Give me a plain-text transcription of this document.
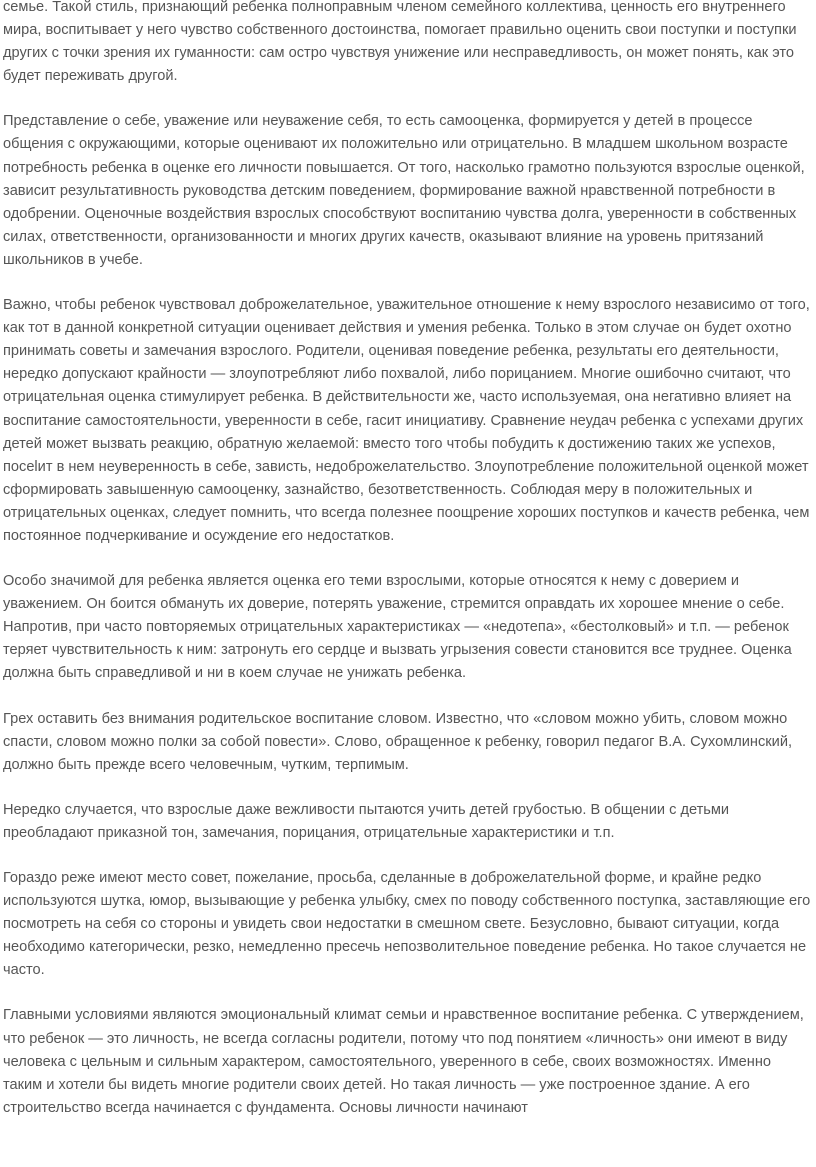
семье. Такой стиль, признающий ребенка полноправным членом семейного коллектива, ценность его внутреннего мира, воспитывает у него чувство собственного достоинства, помогает правильно оценить свои поступки и поступки других с точки зрения их гуманности: сам остро чувствуя унижение или несправедливость, он может понять, как это будет переживать другой.

Представление о себе, уважение или неуважение себя, то есть самооценка, формируется у детей в процессе общения с окружающими, которые оценивают их положительно или отрицательно. В младшем школьном возрасте потребность ребенка в оценке его личности повышается. От того, насколько грамотно пользуются взрослые оценкой, зависит результативность руководства детским поведением, формирование важной нравственной потребности в одобрении. Оценочные воздействия взрослых способствуют воспитанию чувства долга, уверенности в собственных силах, ответственности, организованности и многих других качеств, оказывают влияние на уровень притязаний школьников в учебе.

Важно, чтобы ребенок чувствовал доброжелательное, уважительное отношение к нему взрослого независимо от того, как тот в данной конкретной ситуации оценивает действия и умения ребенка. Только в этом случае он будет охотно принимать советы и замечания взрослого. Родители, оценивая поведение ребенка, результаты его деятельности, нередко допускают крайности — злоупотребляют либо похвалой, либо порицанием. Многие ошибочно считают, что отрицательная оценка стимулирует ребенка. В действительности же, часто используемая, она негативно влияет на воспитание самостоятельности, уверенности в себе, гасит инициативу. Сравнение неудач ребенка с успехами других детей может вызвать реакцию, обратную желаемой: вместо того чтобы побудить к достижению таких же успехов, посеlит в нем неуверенность в себе, зависть, недоброжелательство. Злоупотребление положительной оценкой может сформировать завышенную самооценку, зазнайство, безответственность. Соблюдая меру в положительных и отрицательных оценках, следует помнить, что всегда полезнее поощрение хороших поступков и качеств ребенка, чем постоянное подчеркивание и осуждение его недостатков.

Особо значимой для ребенка является оценка его теми взрослыми, которые относятся к нему с доверием и уважением. Он боится обмануть их доверие, потерять уважение, стремится оправдать их хорошее мнение о себе. Напротив, при часто повторяемых отрицательных характеристиках — «недотепа», «бестолковый» и т.п. — ребенок теряет чувствительность к ним: затронуть его сердце и вызвать угрызения совести становится все труднее. Оценка должна быть справедливой и ни в коем случае не унижать ребенка.

Грех оставить без внимания родительское воспитание словом. Известно, что «словом можно убить, словом можно спасти, словом можно полки за собой повести». Слово, обращенное к ребенку, говорил педагог В.А. Сухомлинский, должно быть прежде всего человечным, чутким, терпимым.

Нередко случается, что взрослые даже вежливости пытаются учить детей грубостью. В общении с детьми преобладают приказной тон, замечания, порицания, отрицательные характеристики и т.п.

Гораздо реже имеют место совет, пожелание, просьба, сделанные в доброжелательной форме, и крайне редко используются шутка, юмор, вызывающие у ребенка улыбку, смех по поводу собственного поступка, заставляющие его посмотреть на себя со стороны и увидеть свои недостатки в смешном свете. Безусловно, бывают ситуации, когда необходимо категорически, резко, немедленно пресечь непозволительное поведение ребенка. Но такое случается не часто.

Главными условиями являются эмоциональный климат семьи и нравственное воспитание ребенка. С утверждением, что ребенок — это личность, не всегда согласны родители, потому что под понятием «личность» они имеют в виду человека с цельным и сильным характером, самостоятельного, уверенного в себе, своих возможностях. Именно таким и хотели бы видеть многие родители своих детей. Но такая личность — уже построенное здание. А его строительство всегда начинается с фундамента. Основы личности начинают
